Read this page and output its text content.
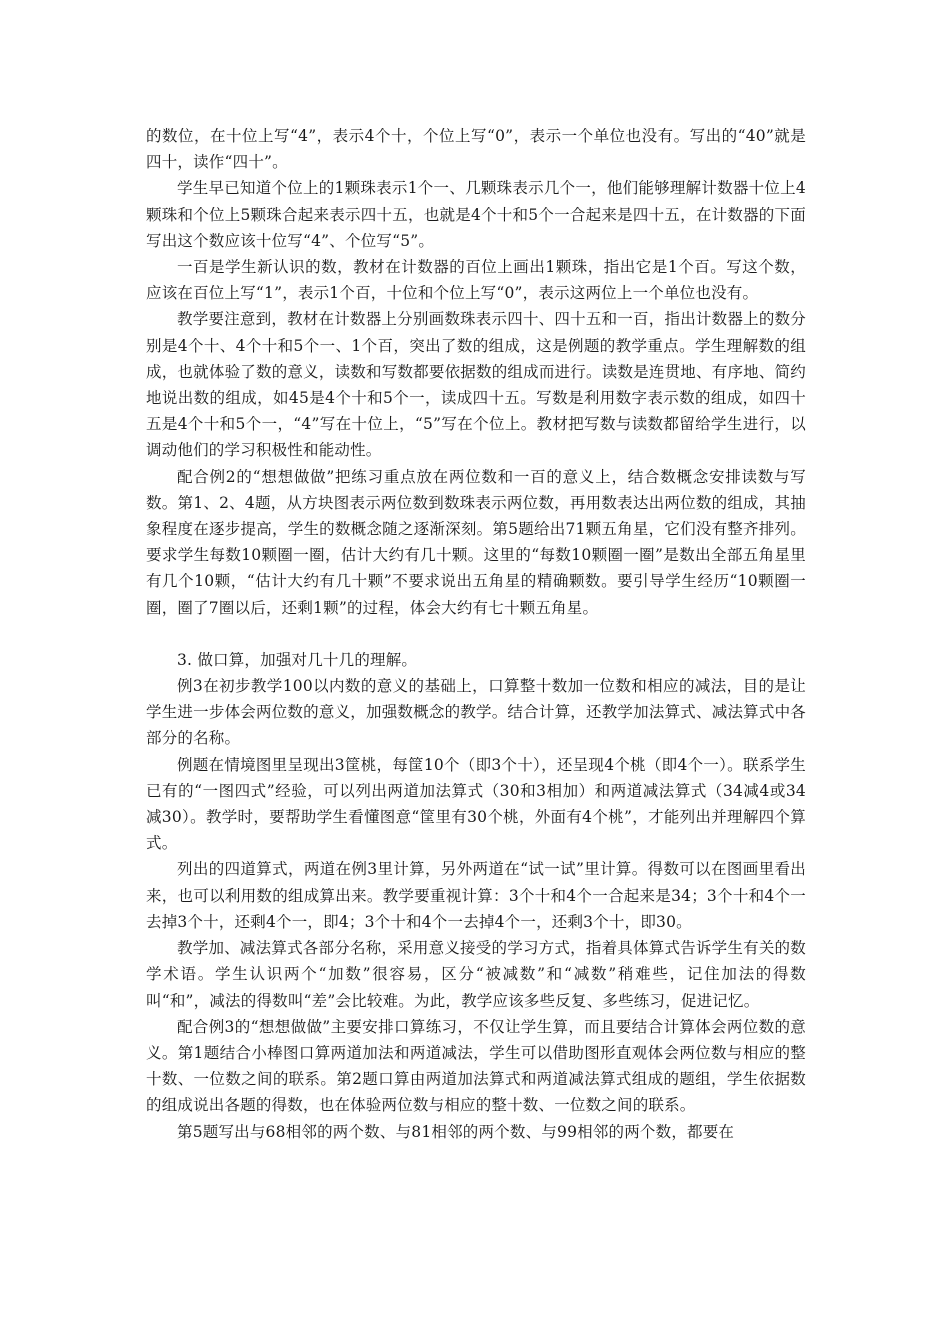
的数位，在十位上写“4”，表示4个十，个位上写“0”，表示一个单位也没有。写出的“40”就是四十，读作“四十”。

学生早已知道个位上的1颗珠表示1个一、几颗珠表示几个一，他们能够理解计数器十位上4颗珠和个位上5颗珠合起来表示四十五，也就是4个十和5个一合起来是四十五，在计数器的下面写出这个数应该十位写“4”、个位写“5”。

一百是学生新认识的数，教材在计数器的百位上画出1颗珠，指出它是1个百。写这个数，应该在百位上写“1”，表示1个百，十位和个位上写“0”，表示这两位上一个单位也没有。

教学要注意到，教材在计数器上分别画数珠表示四十、四十五和一百，指出计数器上的数分别是4个十、4个十和5个一、1个百，突出了数的组成，这是例题的教学重点。学生理解数的组成，也就体验了数的意义，读数和写数都要依据数的组成而进行。读数是连贯地、有序地、简约地说出数的组成，如45是4个十和5个一，读成四十五。写数是利用数字表示数的组成，如四十五是4个十和5个一，“4”写在十位上，“5”写在个位上。教材把写数与读数都留给学生进行，以调动他们的学习积极性和能动性。

配合例2的“想想做做”把练习重点放在两位数和一百的意义上，结合数概念安排读数与写数。第1、2、4题，从方块图表示两位数到数珠表示两位数，再用数表达出两位数的组成，其抽象程度在逐步提高，学生的数概念随之逐渐深刻。第5题给出71颗五角星，它们没有整齐排列。要求学生每数10颗圈一圈，估计大约有几十颗。这里的“每数10颗圈一圈”是数出全部五角星里有几个10颗，“估计大约有几十颗”不要求说出五角星的精确颗数。要引导学生经历“10颗圈一圈，圈了7圈以后，还剩1颗”的过程，体会大约有七十颗五角星。

3. 做口算，加强对几十几的理解。

例3在初步教学100以内数的意义的基础上，口算整十数加一位数和相应的减法，目的是让学生进一步体会两位数的意义，加强数概念的教学。结合计算，还教学加法算式、减法算式中各部分的名称。

例题在情境图里呈现出3筐桃，每筐10个（即3个十），还呈现4个桃（即4个一）。联系学生已有的“一图四式”经验，可以列出两道加法算式（30和3相加）和两道减法算式（34减4或34减30）。教学时，要帮助学生看懂图意“筐里有30个桃，外面有4个桃”，才能列出并理解四个算式。

列出的四道算式，两道在例3里计算，另外两道在“试一试”里计算。得数可以在图画里看出来，也可以利用数的组成算出来。教学要重视计算：3个十和4个一合起来是34；3个十和4个一去掉3个十，还剩4个一，即4；3个十和4个一去掉4个一，还剩3个十，即30。

教学加、减法算式各部分名称，采用意义接受的学习方式，指着具体算式告诉学生有关的数学术语。学生认识两个“加数”很容易，区分“被减数”和“减数”稍难些，记住加法的得数叫“和”，减法的得数叫“差”会比较难。为此，教学应该多些反复、多些练习，促进记忆。

配合例3的“想想做做”主要安排口算练习，不仅让学生算，而且要结合计算体会两位数的意义。第1题结合小棒图口算两道加法和两道减法，学生可以借助图形直观体会两位数与相应的整十数、一位数之间的联系。第2题口算由两道加法算式和两道减法算式组成的题组，学生依据数的组成说出各题的得数，也在体验两位数与相应的整十数、一位数之间的联系。

第5题写出与68相邻的两个数、与81相邻的两个数、与99相邻的两个数，都要在
